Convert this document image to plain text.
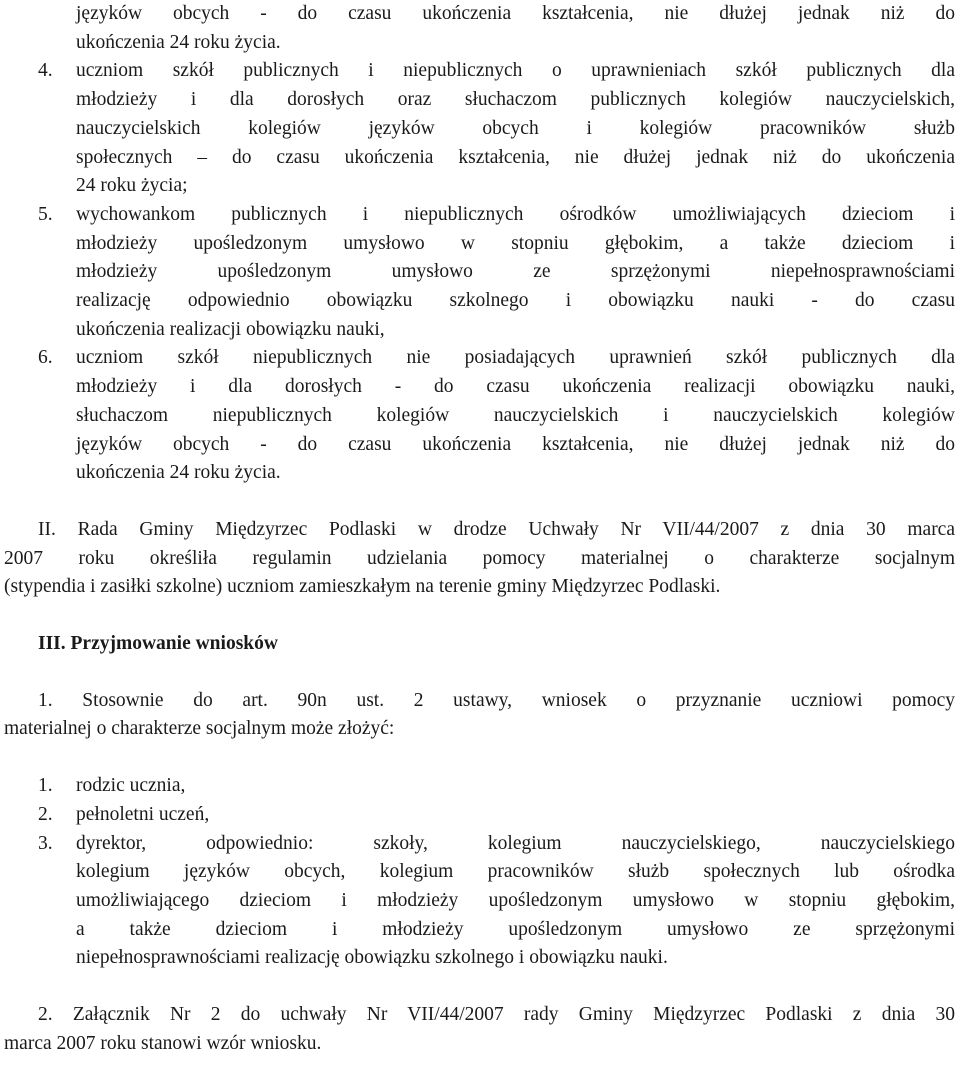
języków obcych - do czasu ukończenia kształcenia, nie dłużej jednak niż do
ukończenia 24 roku życia.
4. uczniom szkół publicznych i niepublicznych o uprawnieniach szkół publicznych dla
młodzieży i dla dorosłych oraz słuchaczom publicznych kolegiów nauczycielskich,
nauczycielskich kolegiów języków obcych i kolegiów pracowników służb
społecznych – do czasu ukończenia kształcenia, nie dłużej jednak niż do ukończenia
24 roku życia;
5. wychowankom publicznych i niepublicznych ośrodków umożliwiających dzieciom i
młodzieży upośledzonym umysłowo w stopniu głębokim, a także dzieciom i
młodzieży upośledzonym umysłowo ze sprzężonymi niepełnosprawnościami
realizację odpowiednio obowiązku szkolnego i obowiązku nauki - do czasu
ukończenia realizacji obowiązku nauki,
6. uczniom szkół niepublicznych nie posiadających uprawnień szkół publicznych dla
młodzieży i dla dorosłych - do czasu ukończenia realizacji obowiązku nauki,
słuchaczom niepublicznych kolegiów nauczycielskich i nauczycielskich kolegiów
języków obcych - do czasu ukończenia kształcenia, nie dłużej jednak niż do
ukończenia 24 roku życia.
II. Rada Gminy Międzyrzec Podlaski w drodze Uchwały Nr VII/44/2007 z dnia 30 marca
2007 roku określiła regulamin udzielania pomocy materialnej o charakterze socjalnym
(stypendia i zasiłki szkolne) uczniom zamieszkałym na terenie gminy Międzyrzec Podlaski.
III. Przyjmowanie wniosków
1. Stosownie do art. 90n ust. 2 ustawy, wniosek o przyznanie uczniowi pomocy
materialnej o charakterze socjalnym może złożyć:
1. rodzic ucznia,
2. pełnoletni uczeń,
3. dyrektor, odpowiednio: szkoły, kolegium nauczycielskiego, nauczycielskiego
kolegium języków obcych, kolegium pracowników służb społecznych lub ośrodka
umożliwiającego dzieciom i młodzieży upośledzonym umysłowo w stopniu głębokim,
a także dzieciom i młodzieży upośledzonym umysłowo ze sprzężonymi
niepełnosprawnościami realizację obowiązku szkolnego i obowiązku nauki.
2. Załącznik Nr 2 do uchwały Nr VII/44/2007 rady Gminy Międzyrzec Podlaski z dnia 30
marca 2007 roku stanowi wzór wniosku.
